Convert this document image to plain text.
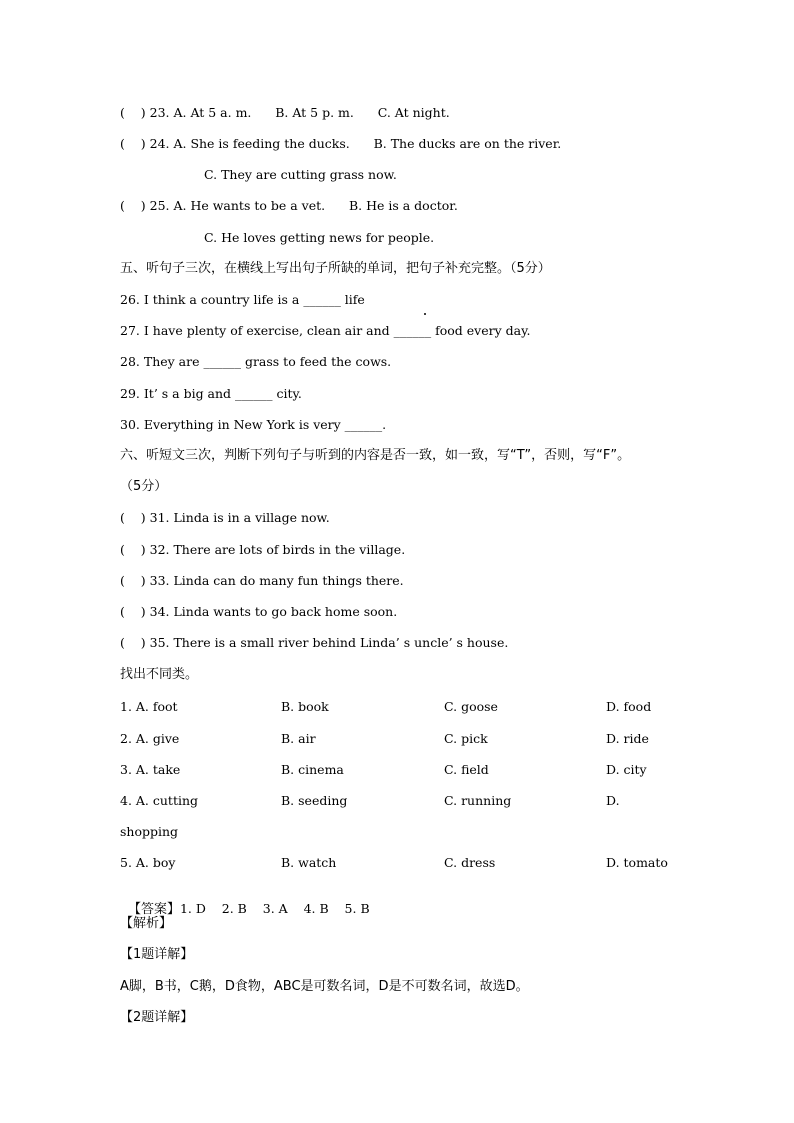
(    ) 23. A. At 5 a. m.      B. At 5 p. m.      C. At night.
(    ) 24. A. She is feeding the ducks.      B. The ducks are on the river.
C. They are cutting grass now.
(    ) 25. A. He wants to be a vet.      B. He is a doctor.
C. He loves getting news for people.
五、听句子三次，在横线上写出句子所缺的单词，把句子补充完整。（5分）
26. I think a country life is a ______ life
27. I have plenty of exercise, clean air and ______ food every day.
28. They are ______ grass to feed the cows.
29. It’ s a big and ______ city.
30. Everything in New York is very ______.
六、听短文三次，判断下列句子与听到的内容是否一致，如一致，写“T”，否则，写“F”。
（5分）
(    ) 31. Linda is in a village now.
(    ) 32. There are lots of birds in the village.
(    ) 33. Linda can do many fun things there.
(    ) 34. Linda wants to go back home soon.
(    ) 35. There is a small river behind Linda’ s uncle’ s house.
找出不同类。
1. A. foot	B. book	C. goose	D. food
2. A. give	B. air	C. pick	D. ride
3. A. take	B. cinema	C. field	D. city
4. A. cutting	B. seeding	C. running	D.
shopping
5. A. boy	B. watch	C. dress	D. tomato

【答案】1. D    2. B    3. A    4. B    5. B

【解析】
【1题详解】
A脚，B书，C鹅，D食物，ABC是可数名词，D是不可数名词，故选D。
【2题详解】
